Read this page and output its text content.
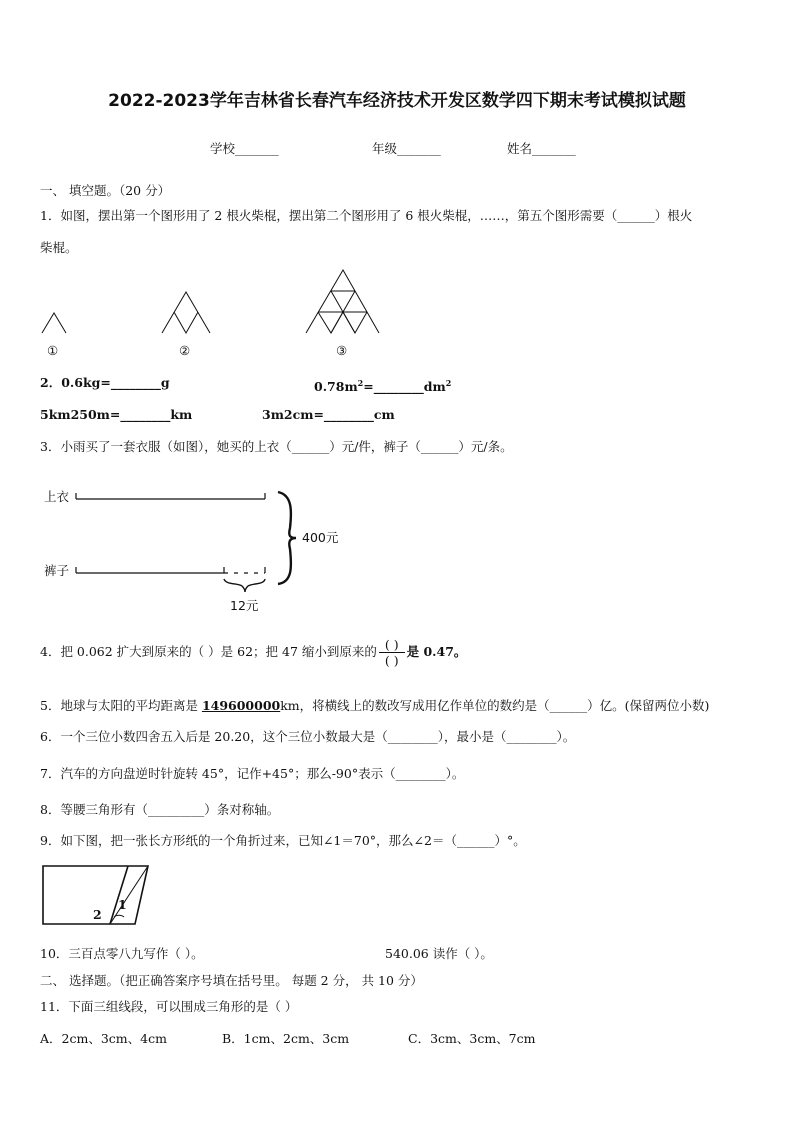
2022-2023学年吉林省长春汽车经济技术开发区数学四下期末考试模拟试题
学校_______	年级_______	姓名_______
一、 填空题。（20 分）
1．如图，摆出第一个图形用了 2 根火柴棍，摆出第二个图形用了 6 根火柴棍，……，第五个图形需要（______）根火
柴棍。
①	②	③
2．0.6kg=________g	$0.78m^2=\_\_\_\_\_\_\_\_dm^2$
5km250m=________km	3m2cm=________cm
3．小雨买了一套衣服（如图），她买的上衣（______）元/件，裤子（______）元/条。
上衣
裤子
400元
12元
4．把 0.062 扩大到原来的（ ）是 62；把 47 缩小到原来的 $\frac{( )}{( )}$ 是 0.47。
5．地球与太阳的平均距离是 149600000km，将横线上的数改写成用亿作单位的数约是（______）亿。(保留两位小数)
6．一个三位小数四舍五入后是 20.20，这个三位小数最大是（________），最小是（________）。
7．汽车的方向盘逆时针旋转 45°，记作+45°；那么-90°表示（________）。
8．等腰三角形有（_________）条对称轴。
9．如下图，把一张长方形纸的一个角折过来，已知∠1＝70°，那么∠2＝（______）°。
1
2
10．三百点零八九写作（ ）。	540.06 读作（ ）。
二、 选择题。（把正确答案序号填在括号里。 每题 2 分， 共 10 分）
11．下面三组线段，可以围成三角形的是（ ）
A．2cm、3cm、4cm	B．1cm、2cm、3cm	C．3cm、3cm、7cm
